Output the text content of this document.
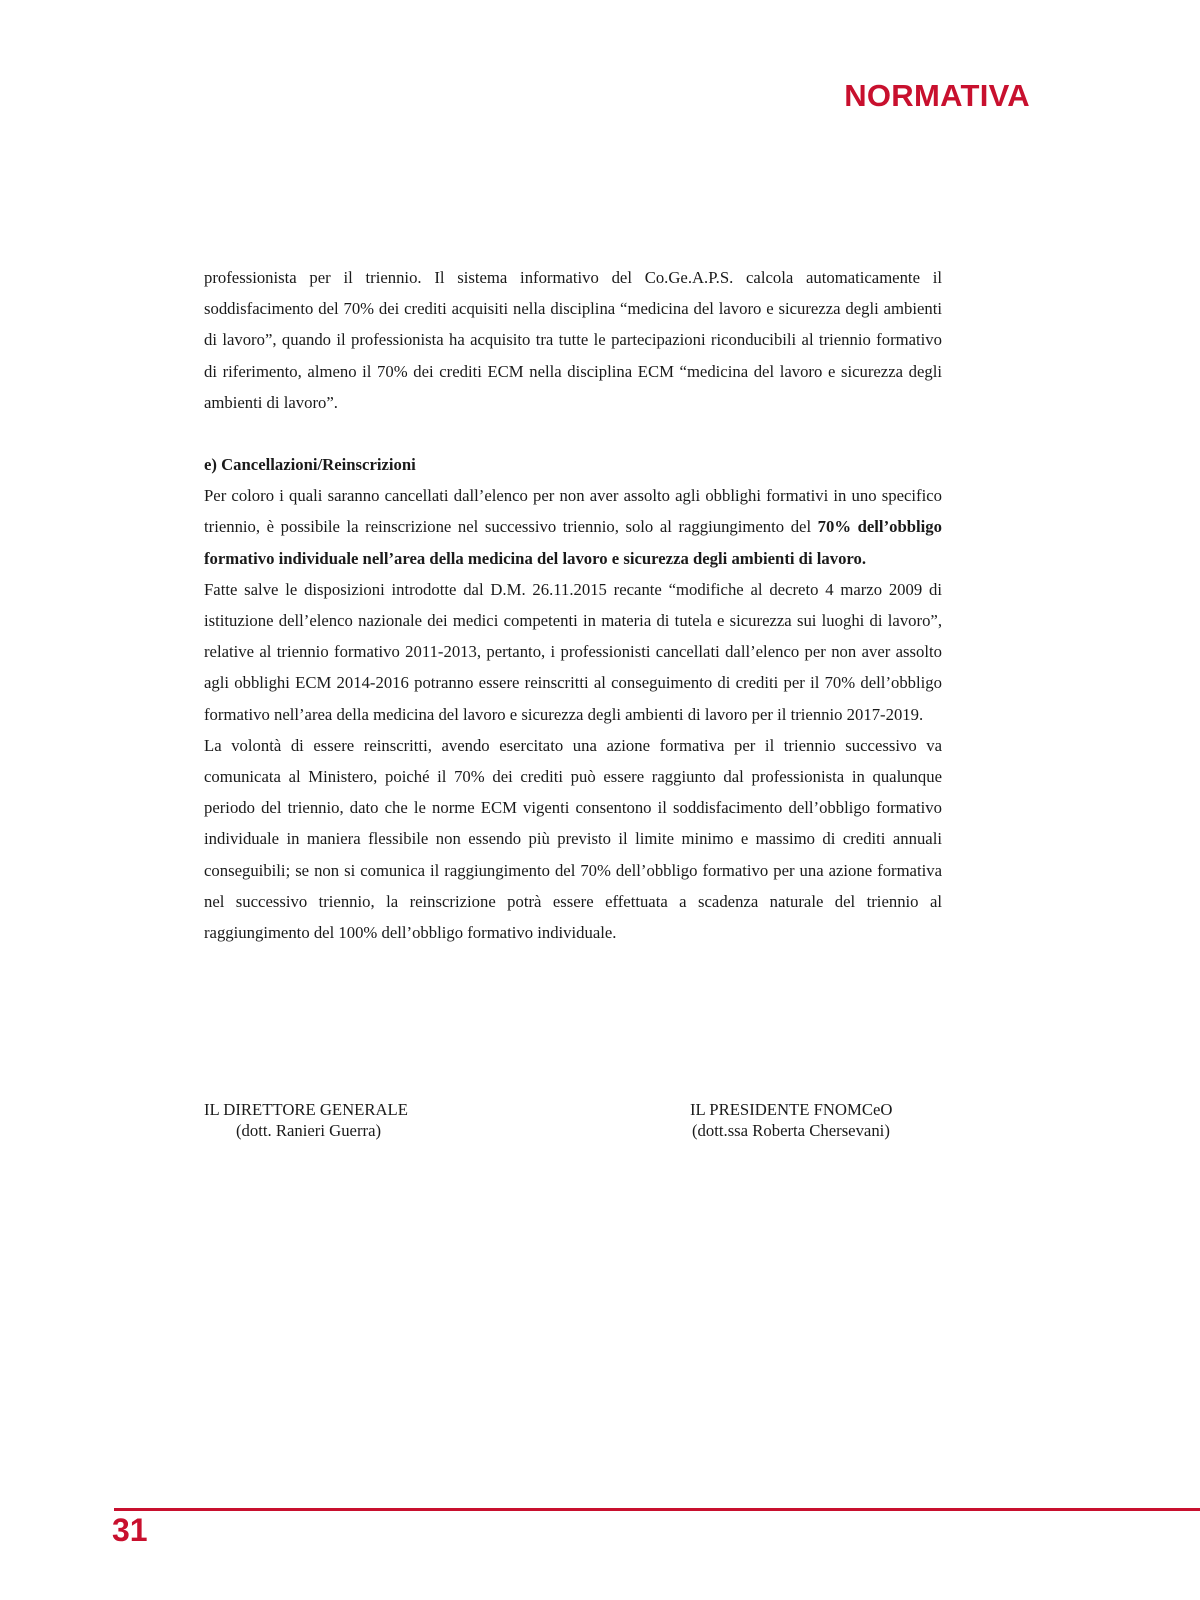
NORMATIVA

professionista per il triennio. Il sistema informativo del Co.Ge.A.P.S. calcola automaticamente il soddisfacimento del 70% dei crediti acquisiti nella disciplina “medicina del lavoro e sicurezza degli ambienti di lavoro”, quando il professionista ha acquisito tra tutte le partecipazioni riconducibili al triennio formativo di riferimento, almeno il 70% dei crediti ECM nella disciplina ECM “medicina del lavoro e sicurezza degli ambienti di lavoro”.

e) Cancellazioni/Reinscrizioni

Per coloro i quali saranno cancellati dall’elenco per non aver assolto agli obblighi formativi in uno specifico triennio, è possibile la reinscrizione nel successivo triennio, solo al raggiungimento del 70% dell’obbligo formativo individuale nell’area della medicina del lavoro e sicurezza degli ambienti di lavoro.

Fatte salve le disposizioni introdotte dal D.M. 26.11.2015 recante “modifiche al decreto 4 marzo 2009 di istituzione dell’elenco nazionale dei medici competenti in materia di tutela e sicurezza sui luoghi di lavoro”, relative al triennio formativo 2011-2013, pertanto, i professionisti cancellati dall’elenco per non aver assolto agli obblighi ECM 2014-2016 potranno essere reinscritti al conseguimento di crediti per il 70% dell’obbligo formativo nell’area della medicina del lavoro e sicurezza degli ambienti di lavoro per il triennio 2017-2019.

La volontà di essere reinscritti, avendo esercitato una azione formativa per il triennio successivo va comunicata al Ministero, poiché il 70% dei crediti può essere raggiunto dal professionista in qualunque periodo del triennio, dato che le norme ECM vigenti consentono il soddisfacimento dell’obbligo formativo individuale in maniera flessibile non essendo più previsto il limite minimo e massimo di crediti annuali conseguibili; se non si comunica il raggiungimento del 70% dell’obbligo formativo per una azione formativa nel successivo triennio, la reinscrizione potrà essere effettuata a scadenza naturale del triennio al raggiungimento del 100% dell’obbligo formativo individuale.

IL DIRETTORE GENERALE
(dott. Ranieri Guerra)
IL PRESIDENTE FNOMCeO
(dott.ssa Roberta Chersevani)
31
